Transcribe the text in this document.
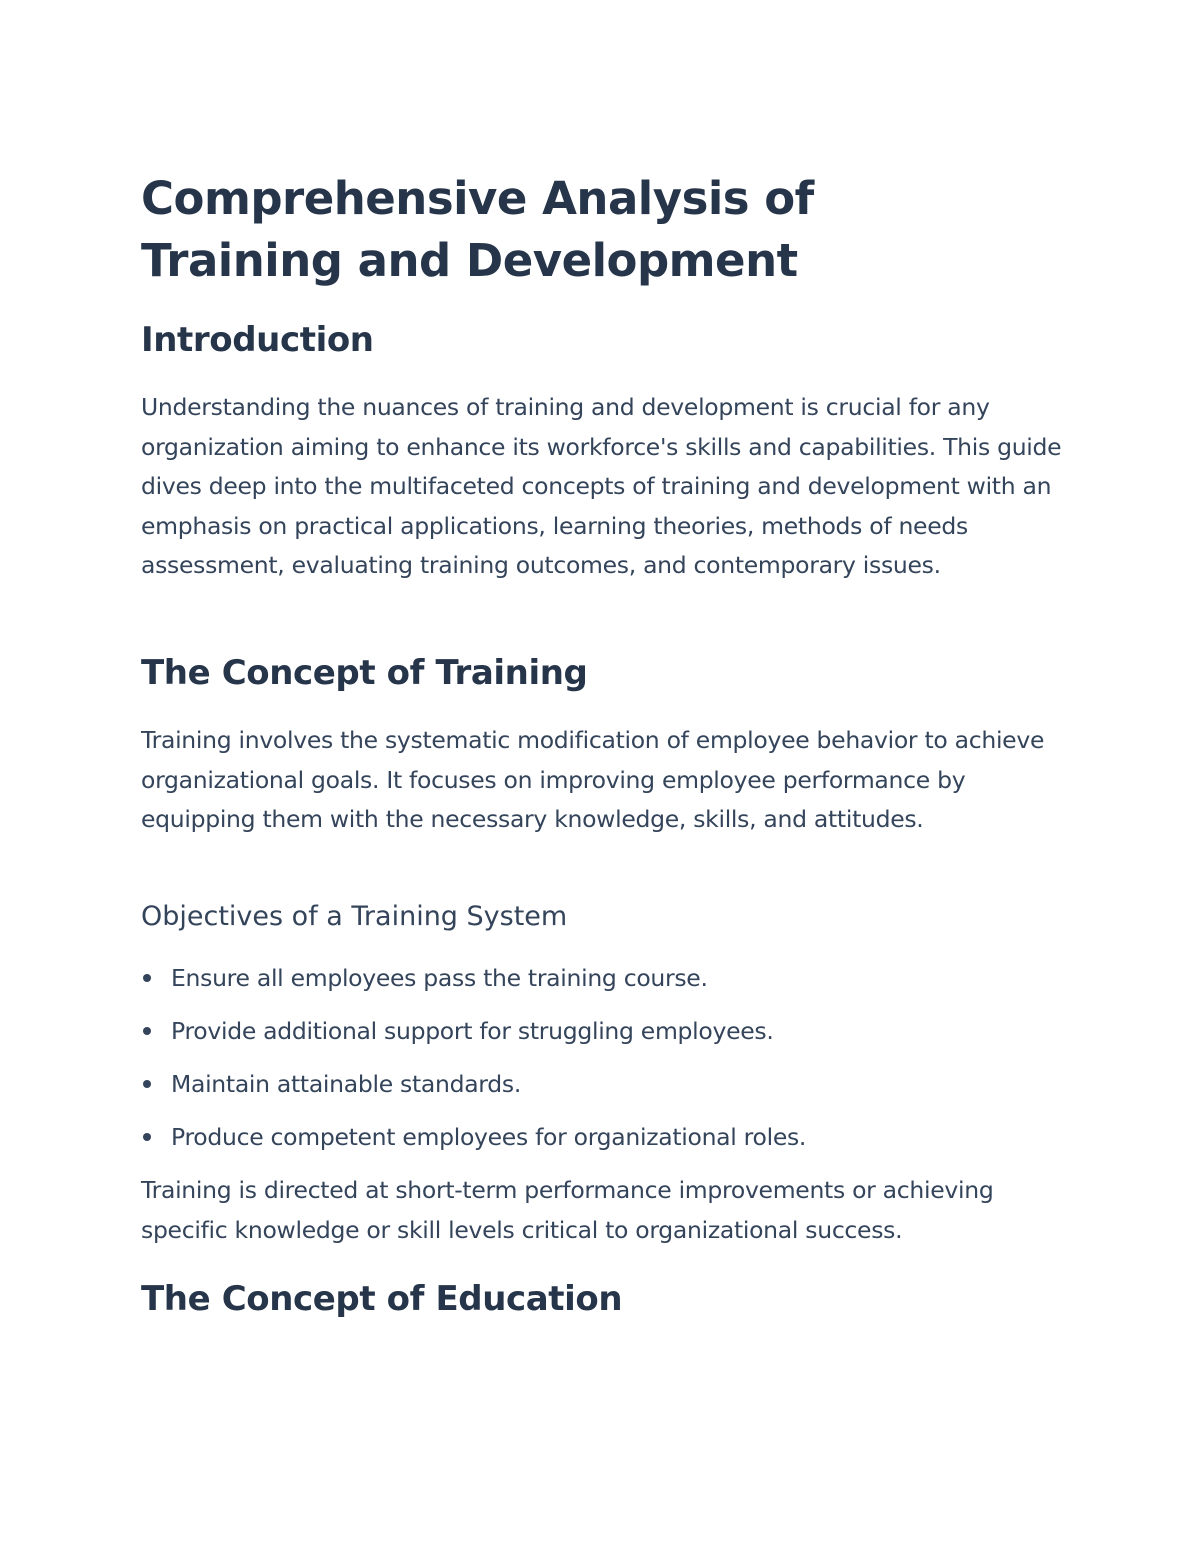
Comprehensive Analysis of Training and Development
Introduction

Understanding the nuances of training and development is crucial for any organization aiming to enhance its workforce's skills and capabilities. This guide dives deep into the multifaceted concepts of training and development with an emphasis on practical applications, learning theories, methods of needs assessment, evaluating training outcomes, and contemporary issues.

The Concept of Training

Training involves the systematic modification of employee behavior to achieve organizational goals. It focuses on improving employee performance by equipping them with the necessary knowledge, skills, and attitudes.

Objectives of a Training System
Ensure all employees pass the training course.
Provide additional support for struggling employees.
Maintain attainable standards.
Produce competent employees for organizational roles.

Training is directed at short-term performance improvements or achieving specific knowledge or skill levels critical to organizational success.

The Concept of Education
